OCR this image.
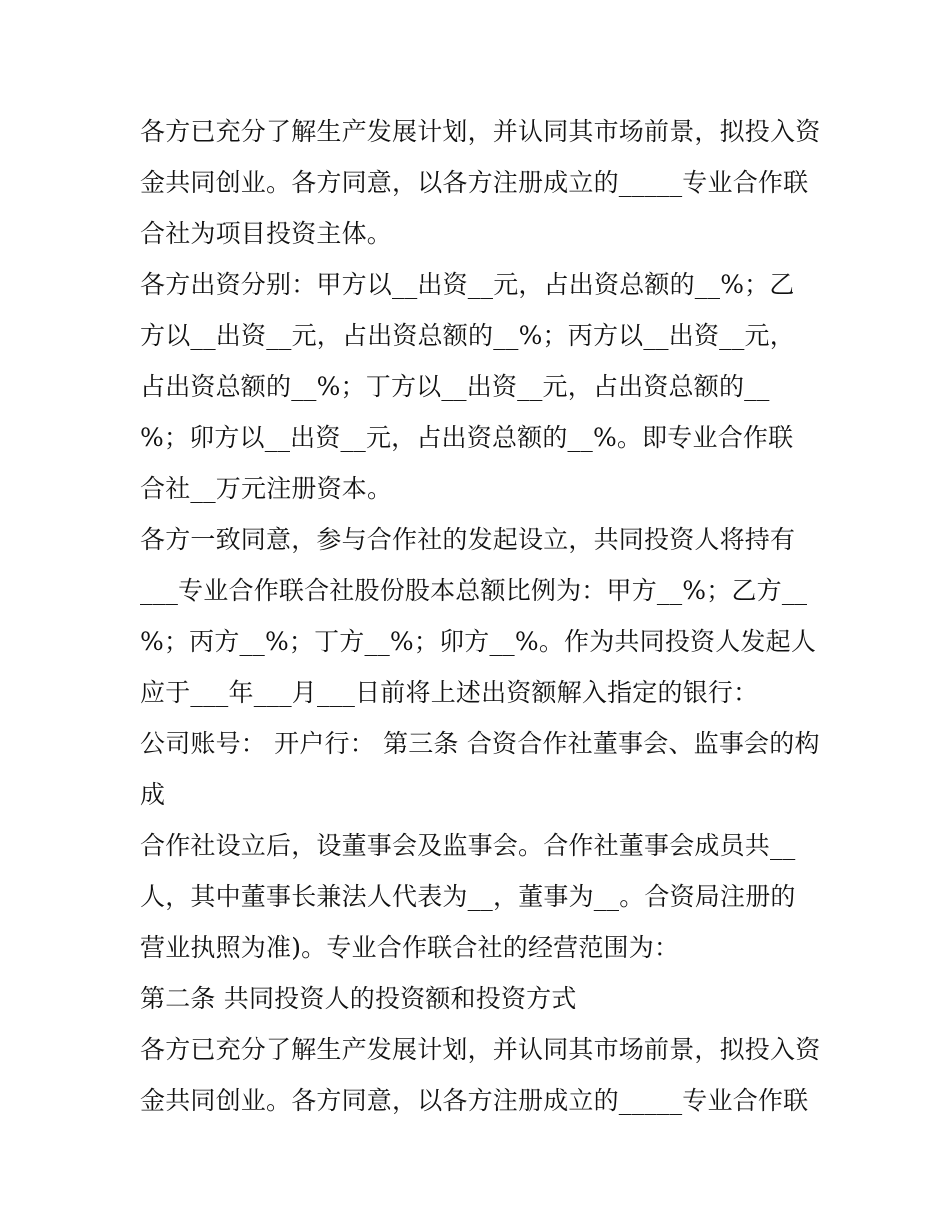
各方已充分了解生产发展计划，并认同其市场前景，拟投入资
金共同创业。各方同意，以各方注册成立的_____专业合作联
合社为项目投资主体。
各方出资分别：甲方以__出资__元，占出资总额的__%；乙
方以__出资__元，占出资总额的__%；丙方以__出资__元，
占出资总额的__%；丁方以__出资__元，占出资总额的__
%；卯方以__出资__元，占出资总额的__%。即专业合作联
合社__万元注册资本。
各方一致同意，参与合作社的发起设立，共同投资人将持有
___专业合作联合社股份股本总额比例为：甲方__%；乙方__
%；丙方__%；丁方__%；卯方__%。作为共同投资人发起人
应于___年___月___日前将上述出资额解入指定的银行：
公司账号： 开户行： 第三条 合资合作社董事会、监事会的构
成
合作社设立后，设董事会及监事会。合作社董事会成员共__
人，其中董事长兼法人代表为__，董事为__。合资局注册的
营业执照为准)。专业合作联合社的经营范围为：
第二条 共同投资人的投资额和投资方式
各方已充分了解生产发展计划，并认同其市场前景，拟投入资
金共同创业。各方同意，以各方注册成立的_____专业合作联
